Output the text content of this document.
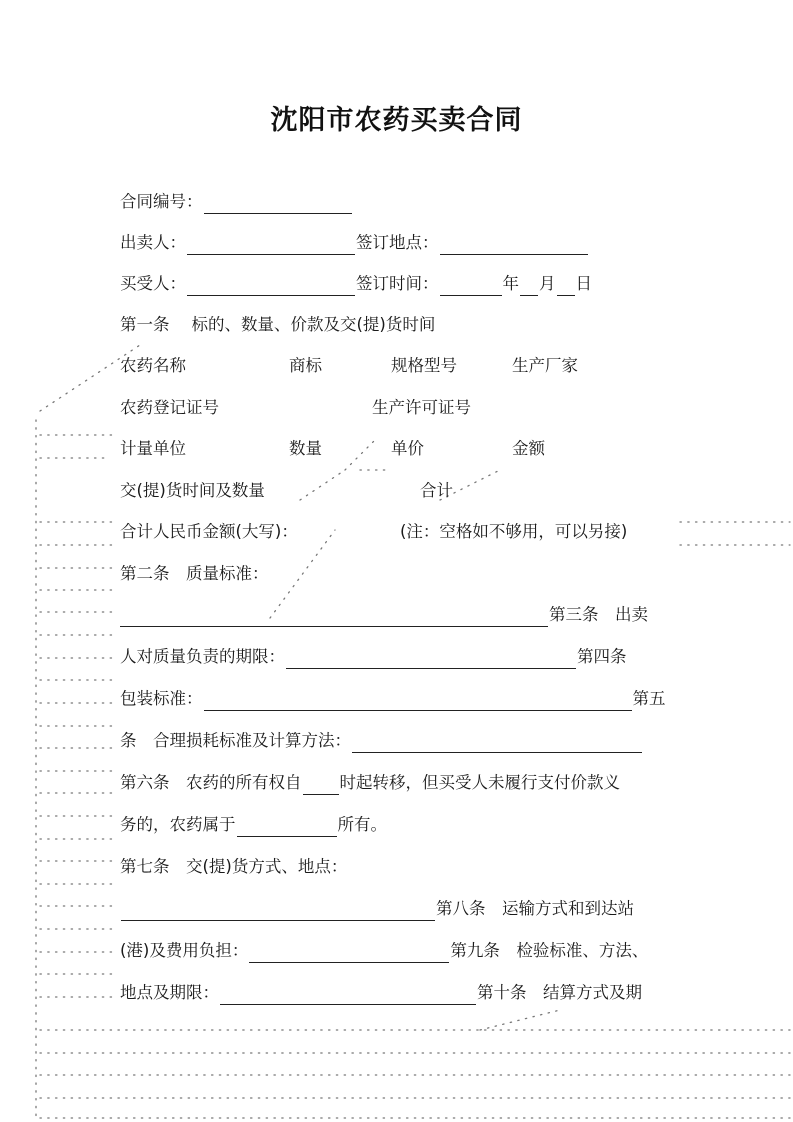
沈阳市农药买卖合同
合同编号：
出卖人：	签订地点：
买受人：	签订时间：	年 月 日
第一条 标的、数量、价款及交(提)货时间
农药名称	商标	规格型号	生产厂家
农药登记证号	生产许可证号
计量单位	数量	单价	金额
交(提)货时间及数量	合计
合计人民币金额(大写)：	(注：空格如不够用，可以另接)
第二条　质量标准：
第三条　出卖
人对质量负责的期限：	第四条
包装标准：	第五
条　合理损耗标准及计算方法：
第六条　农药的所有权自 时起转移，但买受人未履行支付价款义
务的，农药属于	所有。
第七条　交(提)货方式、地点：
第八条　运输方式和到达站
(港)及费用负担：	第九条　检验标准、方法、
地点及期限：	第十条　结算方式及期
